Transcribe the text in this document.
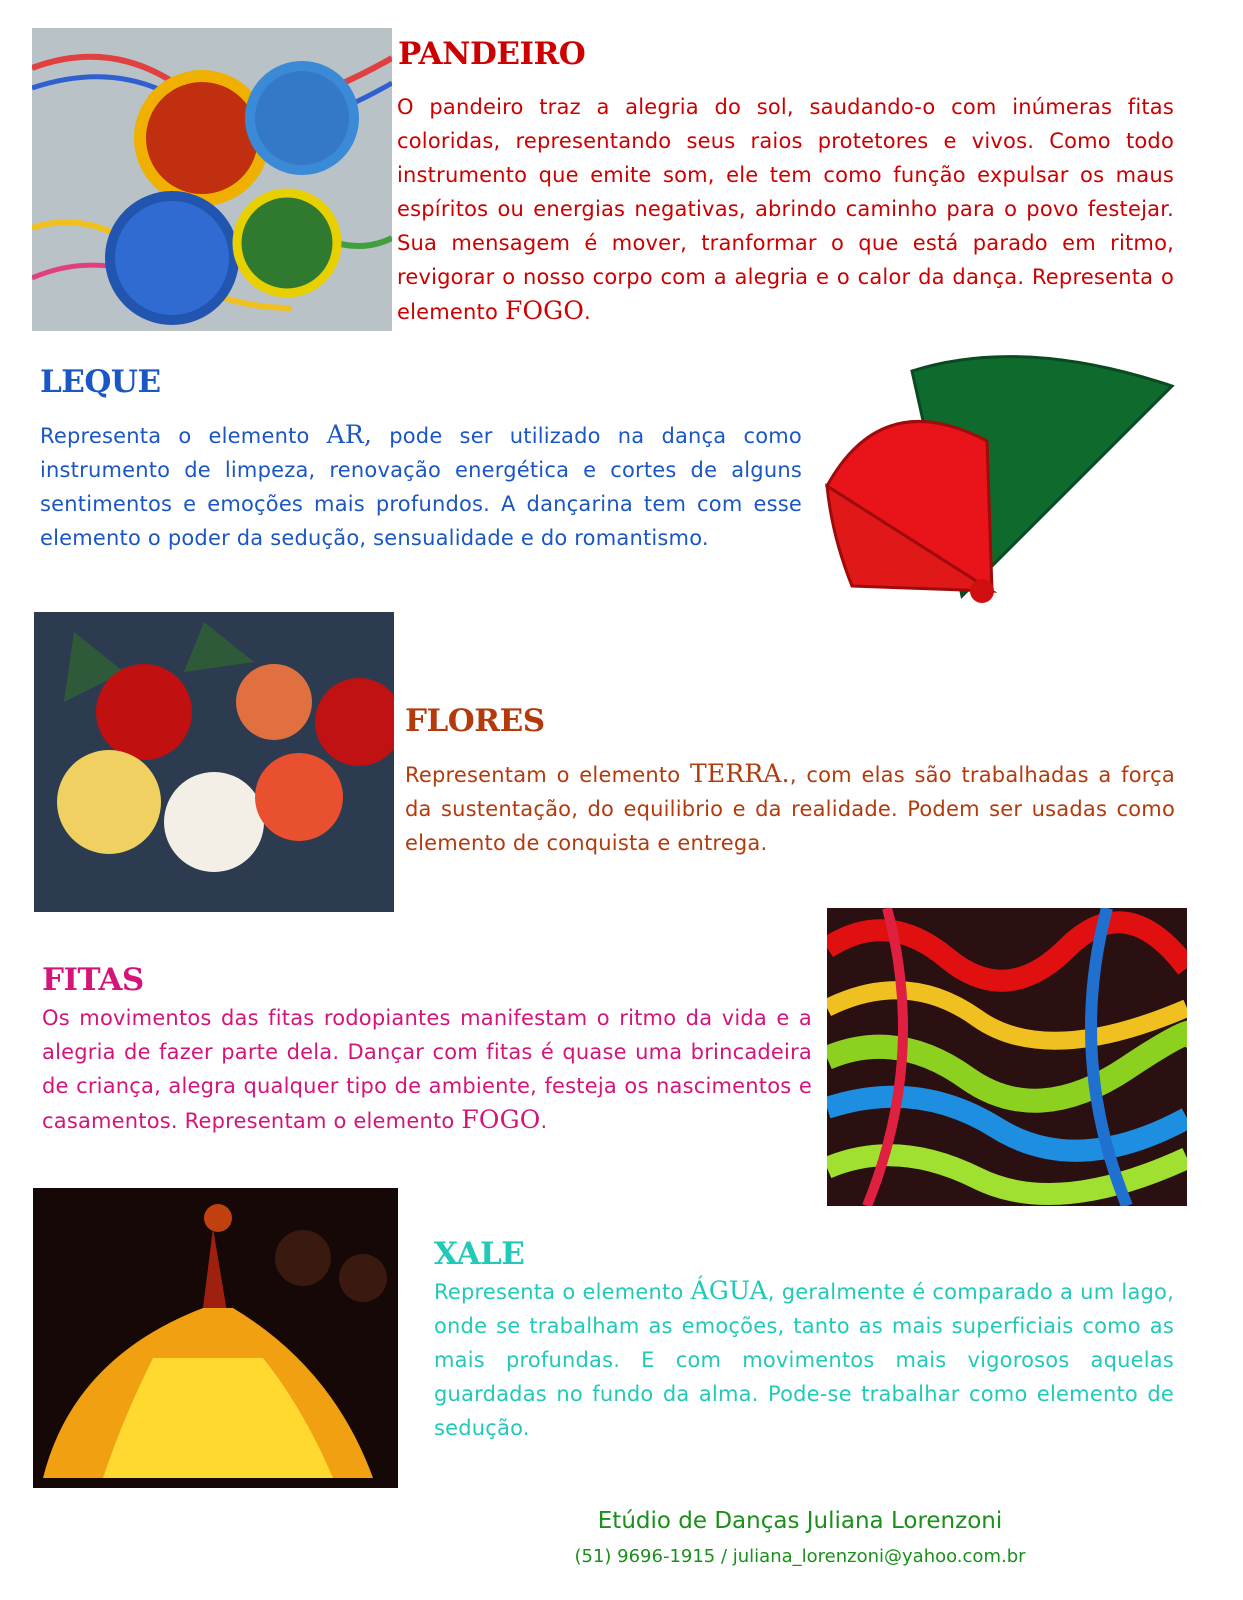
PANDEIRO

O pandeiro traz a alegria do sol, saudando-o com inúmeras fitas coloridas, representando seus raios protetores e vivos. Como todo instrumento que emite som, ele tem como função expulsar os maus espíritos ou energias negativas, abrindo caminho para o povo festejar. Sua mensagem é mover, tranformar o que está parado em ritmo, revigorar o nosso corpo com a alegria e o calor da dança. Representa o elemento FOGO.

LEQUE

Representa o elemento AR, pode ser utilizado na dança como instrumento de limpeza, renovação energética e cortes de alguns sentimentos e emoções mais profundos. A dançarina tem com esse elemento o poder da sedução, sensualidade e do romantismo.

FLORES

Representam o elemento TERRA., com elas são trabalhadas a força da sustentação, do equilibrio e da realidade. Podem ser usadas como elemento de conquista e entrega.

FITAS

Os movimentos das fitas rodopiantes manifestam o ritmo da vida e a alegria de fazer parte dela. Dançar com fitas é quase uma brincadeira de criança, alegra qualquer tipo de ambiente, festeja os nascimentos e casamentos. Representam o elemento FOGO.

XALE

Representa o elemento ÁGUA, geralmente é comparado a um lago, onde se trabalham as emoções, tanto as mais superficiais como as mais profundas. E com movimentos mais vigorosos aquelas guardadas no fundo da alma. Pode-se trabalhar como elemento de sedução.

Etúdio de Danças Juliana Lorenzoni
(51) 9696-1915 / juliana_lorenzoni@yahoo.com.br
